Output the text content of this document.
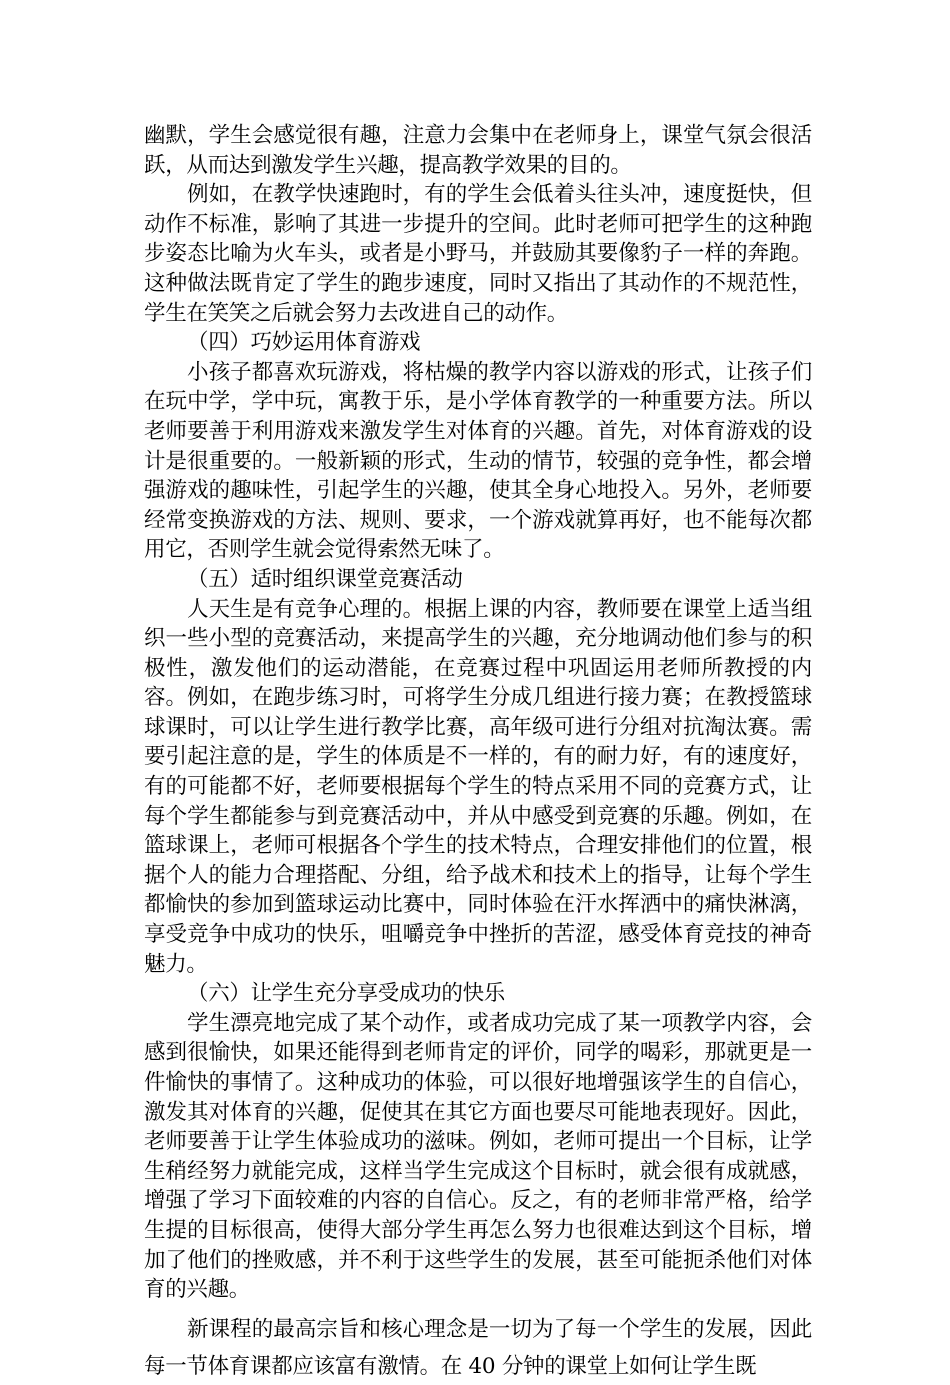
幽默，学生会感觉很有趣，注意力会集中在老师身上，课堂气氛会很活跃，从而达到激发学生兴趣，提高教学效果的目的。

例如，在教学快速跑时，有的学生会低着头往头冲，速度挺快，但动作不标准，影响了其进一步提升的空间。此时老师可把学生的这种跑步姿态比喻为火车头，或者是小野马，并鼓励其要像豹子一样的奔跑。这种做法既肯定了学生的跑步速度，同时又指出了其动作的不规范性，学生在笑笑之后就会努力去改进自己的动作。

（四）巧妙运用体育游戏

小孩子都喜欢玩游戏，将枯燥的教学内容以游戏的形式，让孩子们在玩中学，学中玩，寓教于乐，是小学体育教学的一种重要方法。所以老师要善于利用游戏来激发学生对体育的兴趣。首先，对体育游戏的设计是很重要的。一般新颖的形式，生动的情节，较强的竞争性，都会增强游戏的趣味性，引起学生的兴趣，使其全身心地投入。另外，老师要经常变换游戏的方法、规则、要求，一个游戏就算再好，也不能每次都用它，否则学生就会觉得索然无味了。

（五）适时组织课堂竞赛活动

人天生是有竞争心理的。根据上课的内容，教师要在课堂上适当组织一些小型的竞赛活动，来提高学生的兴趣，充分地调动他们参与的积极性，激发他们的运动潜能，在竞赛过程中巩固运用老师所教授的内容。例如，在跑步练习时，可将学生分成几组进行接力赛；在教授篮球球课时，可以让学生进行教学比赛，高年级可进行分组对抗淘汰赛。需要引起注意的是，学生的体质是不一样的，有的耐力好，有的速度好，有的可能都不好，老师要根据每个学生的特点采用不同的竞赛方式，让每个学生都能参与到竞赛活动中，并从中感受到竞赛的乐趣。例如，在篮球课上，老师可根据各个学生的技术特点，合理安排他们的位置，根据个人的能力合理搭配、分组，给予战术和技术上的指导，让每个学生都愉快的参加到篮球运动比赛中，同时体验在汗水挥洒中的痛快淋漓，享受竞争中成功的快乐，咀嚼竞争中挫折的苦涩，感受体育竞技的神奇魅力。

（六）让学生充分享受成功的快乐

学生漂亮地完成了某个动作，或者成功完成了某一项教学内容，会感到很愉快，如果还能得到老师肯定的评价，同学的喝彩，那就更是一件愉快的事情了。这种成功的体验，可以很好地增强该学生的自信心，激发其对体育的兴趣，促使其在其它方面也要尽可能地表现好。因此，老师要善于让学生体验成功的滋味。例如，老师可提出一个目标，让学生稍经努力就能完成，这样当学生完成这个目标时，就会很有成就感，增强了学习下面较难的内容的自信心。反之，有的老师非常严格，给学生提的目标很高，使得大部分学生再怎么努力也很难达到这个目标，增加了他们的挫败感，并不利于这些学生的发展，甚至可能扼杀他们对体育的兴趣。

新课程的最高宗旨和核心理念是一切为了每一个学生的发展，因此每一节体育课都应该富有激情。在 40 分钟的课堂上如何让学生既
